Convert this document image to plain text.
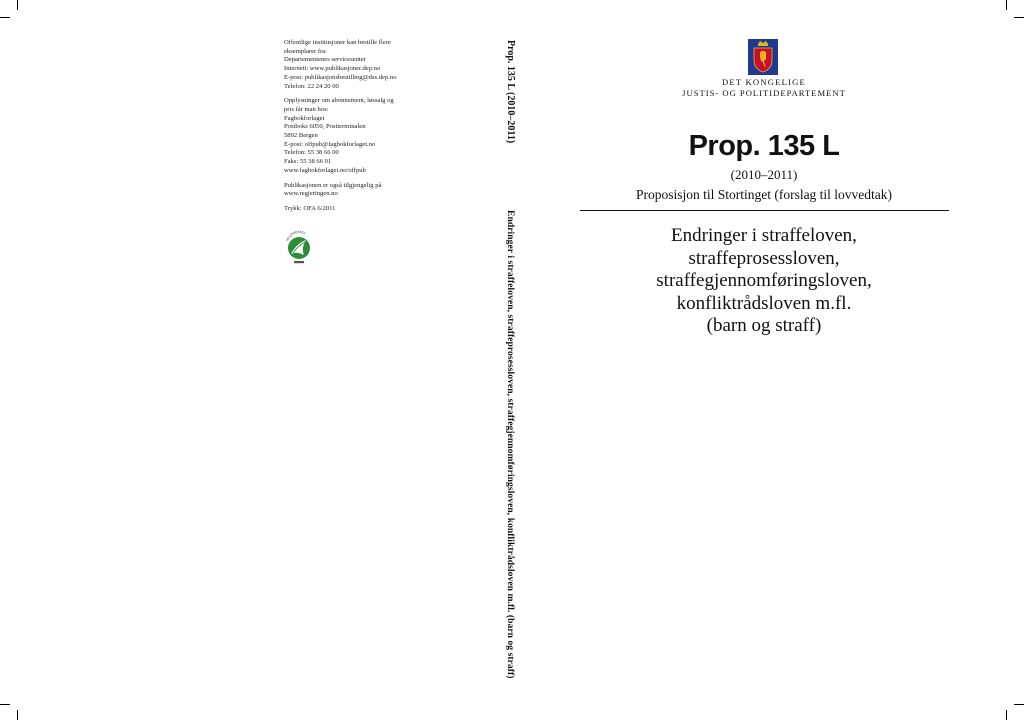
Offentlige institusjoner kan bestille flere
eksemplarer fra:
Departementenes servicesenter
Internett: www.publikasjoner.dep.no
E-post: publikasjonsbestilling@dss.dep.no
Telefon: 22 24 20 00
Opplysninger om abonnement, løssalg og
pris får man hos:
Fagbokforlaget
Postboks 6050, Postterminalen
5892 Bergen
E-post: offpub@fagbokforlaget.no
Telefon: 55 38 66 00
Faks: 55 38 66 01
www.fagbokforlaget.no/offpub
Publikasjonen er også tilgjengelig på
www.regjeringen.no
Trykk: OFA 6/2011
MILJØMERKET
Prop. 135 L (2010–2011)
Endringer i straffeloven, straffeprosessloven, straffegjennomføringsloven, konfliktrådsloven m.fl. (barn og straff)
DET KONGELIGE
JUSTIS- OG POLITIDEPARTEMENT
Prop. 135 L
(2010–2011)
Proposisjon til Stortinget (forslag til lovvedtak)
Endringer i straffeloven,
straffeprosessloven,
straffegjennomføringsloven,
konfliktrådsloven m.fl.
(barn og straff)
